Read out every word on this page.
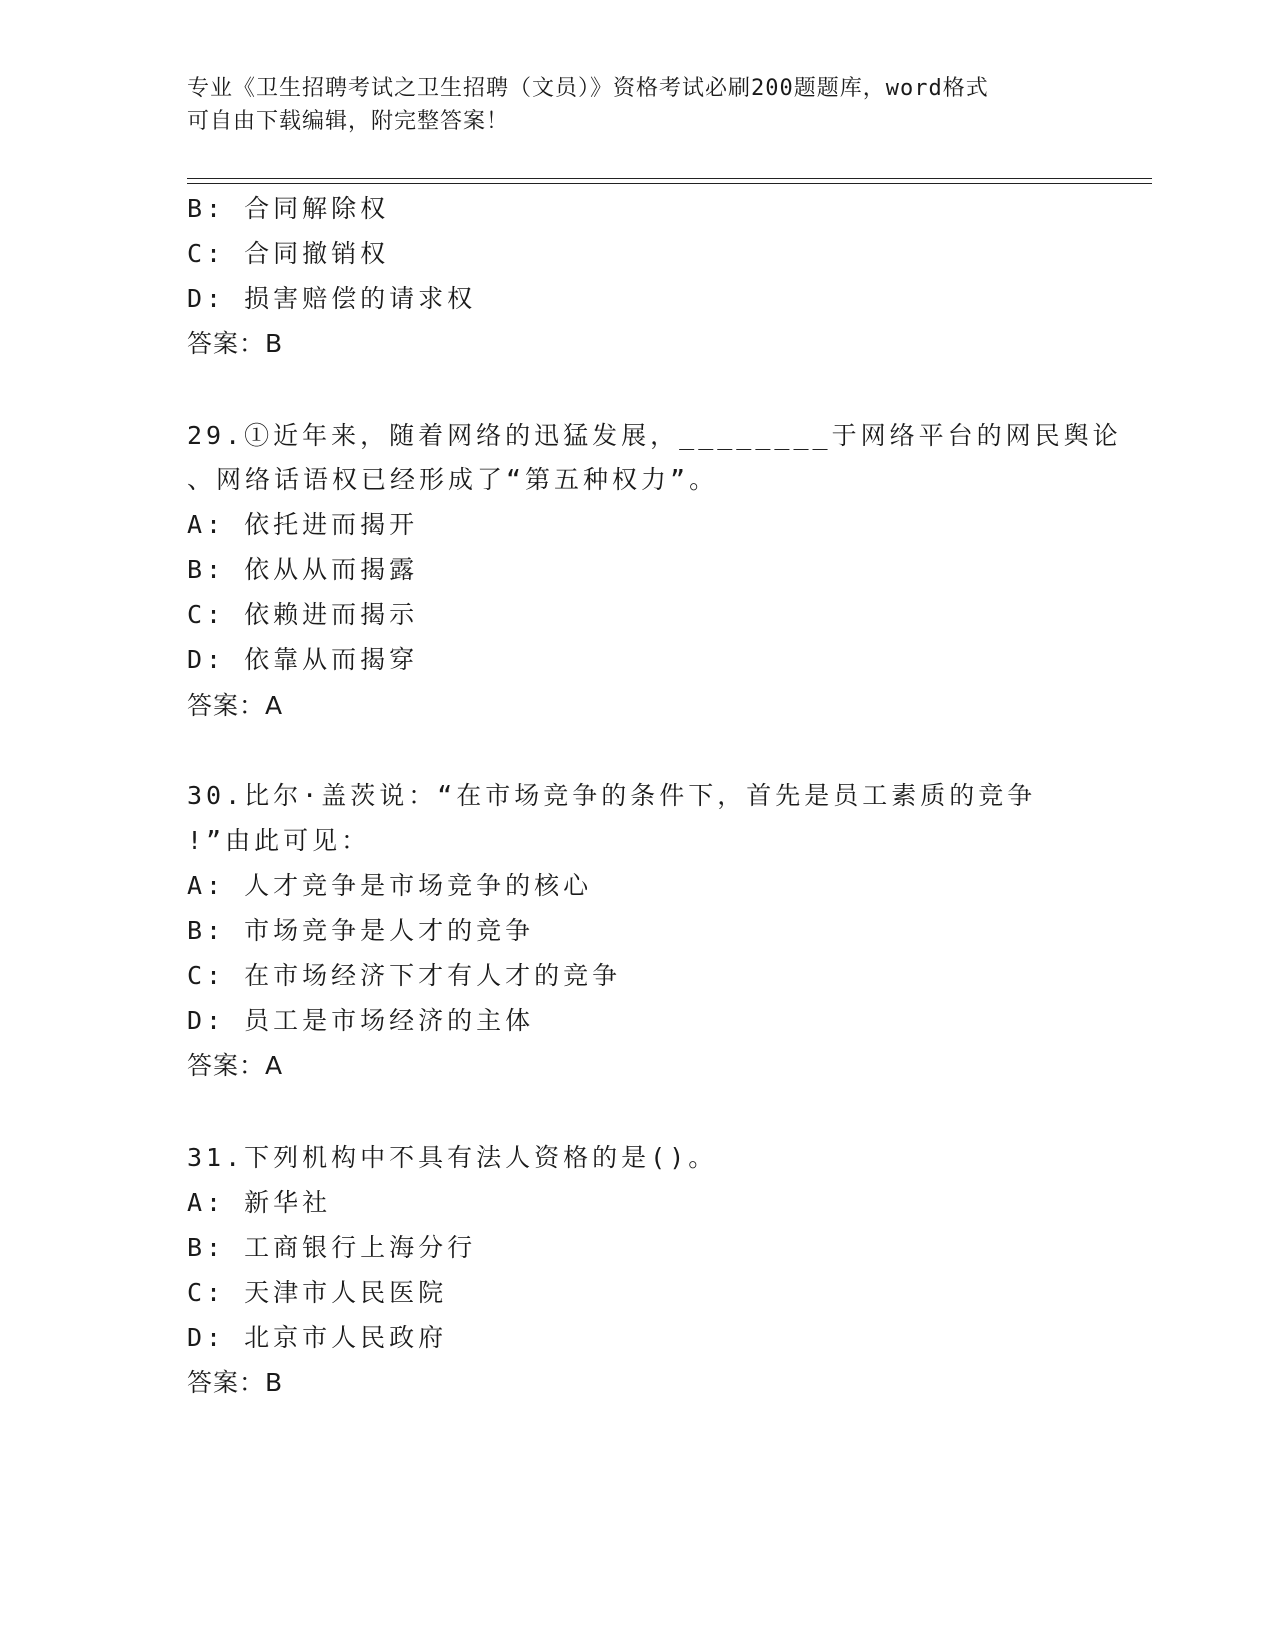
专业《卫生招聘考试之卫生招聘（文员）》资格考试必刷200题题库，word格式
可自由下载编辑，附完整答案！
B: 合同解除权
C: 合同撤销权
D: 损害赔偿的请求权
答案：B
29.①近年来，随着网络的迅猛发展，________于网络平台的网民舆论
、网络话语权已经形成了“第五种权力”。
A: 依托进而揭开
B: 依从从而揭露
C: 依赖进而揭示
D: 依靠从而揭穿
答案：A
30.比尔·盖茨说：“在市场竞争的条件下，首先是员工素质的竞争
!”由此可见：
A: 人才竞争是市场竞争的核心
B: 市场竞争是人才的竞争
C: 在市场经济下才有人才的竞争
D: 员工是市场经济的主体
答案：A
31.下列机构中不具有法人资格的是()。
A: 新华社
B: 工商银行上海分行
C: 天津市人民医院
D: 北京市人民政府
答案：B
